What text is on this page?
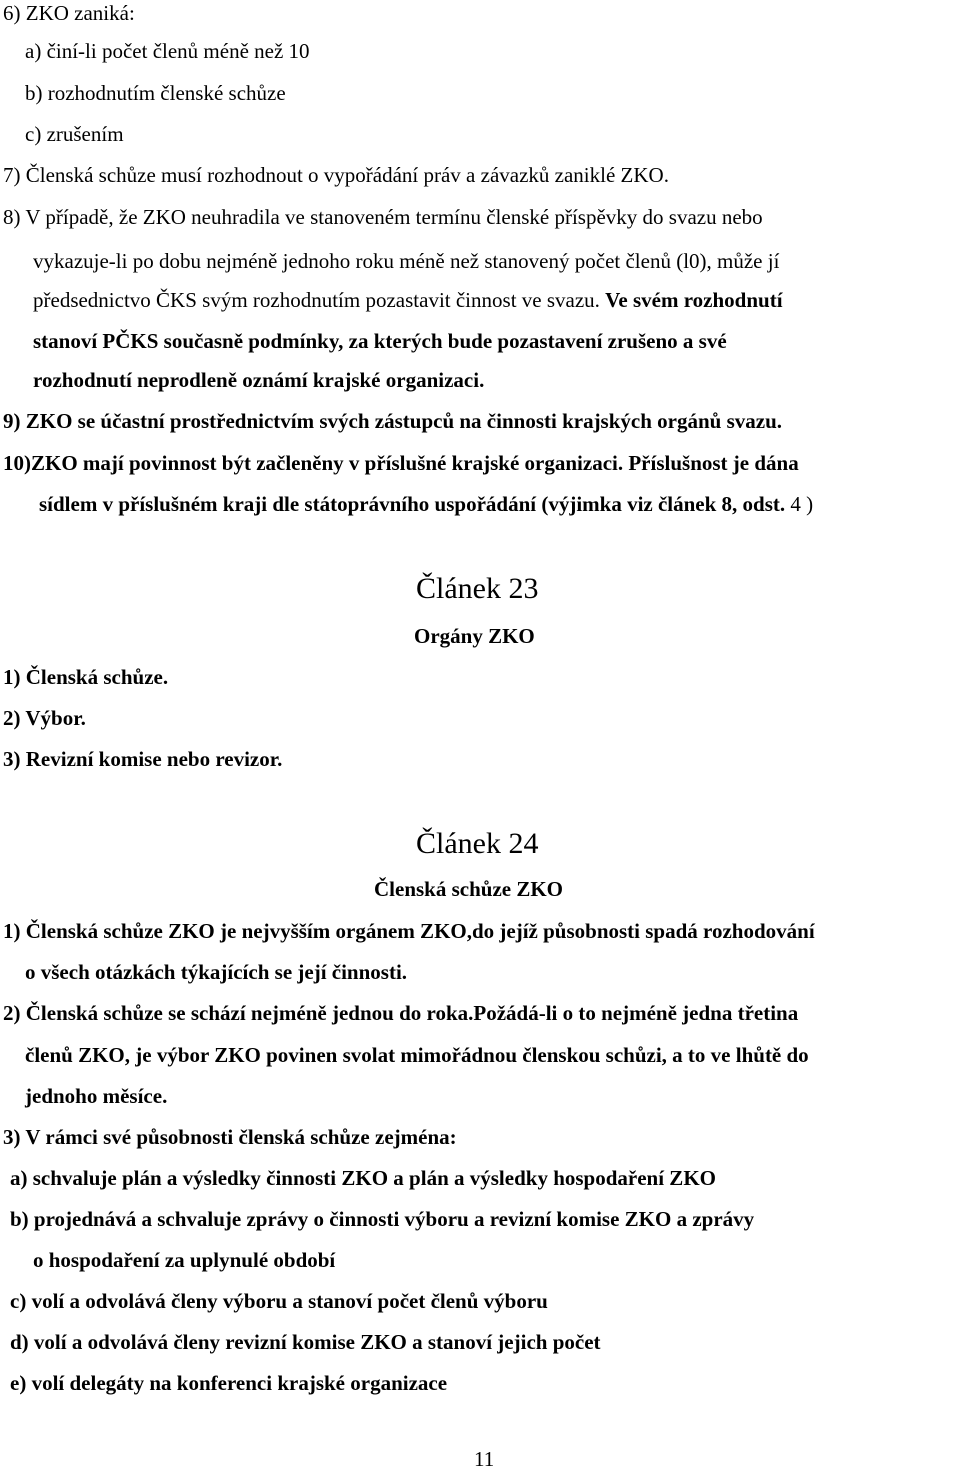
6) ZKO zaniká:
a) činí-li počet členů méně než 10
b) rozhodnutím členské schůze
c) zrušením
7) Členská schůze musí rozhodnout o vypořádání práv a závazků zaniklé ZKO.
8) V případě, že ZKO neuhradila ve stanoveném termínu členské příspěvky do svazu nebo
vykazuje-li po dobu nejméně jednoho roku méně než stanovený počet členů (l0), může jí
předsednictvo ČKS svým rozhodnutím pozastavit činnost ve svazu. Ve svém rozhodnutí
stanoví PČKS současně podmínky, za kterých bude pozastavení zrušeno a své
rozhodnutí neprodleně oznámí krajské organizaci.
9) ZKO se účastní prostřednictvím svých zástupců na činnosti krajských orgánů svazu.
10)ZKO mají povinnost být začleněny v příslušné krajské organizaci. Příslušnost je dána
sídlem v příslušném kraji dle státoprávního uspořádání (výjimka viz článek 8, odst. 4 )
Článek 23
Orgány ZKO
1) Členská schůze.
2) Výbor.
3) Revizní komise nebo revizor.
Článek 24
Členská schůze ZKO
1) Členská schůze ZKO je nejvyšším orgánem ZKO,do jejíž působnosti spadá rozhodování
o všech otázkách týkajících se její činnosti.
2) Členská schůze se schází nejméně jednou do roka.Požádá-li o to nejméně jedna třetina
členů ZKO, je výbor ZKO povinen svolat mimořádnou členskou schůzi, a to ve lhůtě do
jednoho měsíce.
3) V rámci své působnosti členská schůze zejména:
a) schvaluje plán a výsledky činnosti ZKO a plán a výsledky hospodaření ZKO
b) projednává a schvaluje zprávy o činnosti výboru a revizní komise ZKO a zprávy
o hospodaření za uplynulé období
c) volí a odvolává členy výboru a stanoví počet členů výboru
d) volí a odvolává členy revizní komise ZKO a stanoví jejich počet
e) volí delegáty na konferenci krajské organizace
11
